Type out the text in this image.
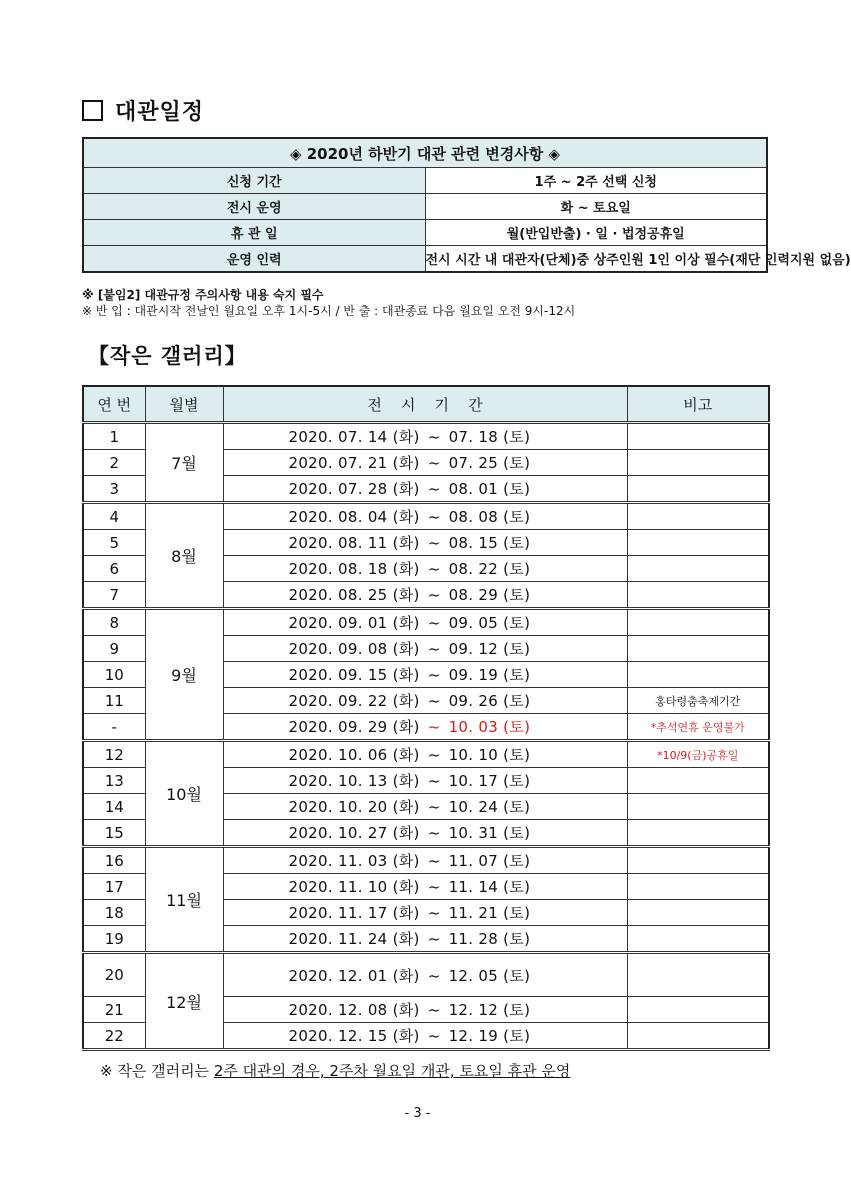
대관일정
◈ 2020년 하반기 대관 관련 변경사항 ◈	
신청 기간	1주 ~ 2주 선택 신청
전시 운영	화 ~ 토요일
휴 관 일	월(반입반출) · 일 · 법정공휴일
운영 인력	전시 시간 내 대관자(단체)중 상주인원 1인 이상 필수(재단 인력지원 없음)
※ [붙임2] 대관규정 주의사항 내용 숙지 필수
※ 반 입 : 대관시작 전날인 월요일 오후 1시-5시 / 반 출 : 대관종료 다음 월요일 오전 9시-12시
【작은 갤러리】
연 번	월별	전    시    기    간	비고
1	7월	2020. 07. 14 (화) ~ 07. 18 (토)	
2		2020. 07. 21 (화) ~ 07. 25 (토)	
3		2020. 07. 28 (화) ~ 08. 01 (토)	
4	8월	2020. 08. 04 (화) ~ 08. 08 (토)	
5		2020. 08. 11 (화) ~ 08. 15 (토)	
6		2020. 08. 18 (화) ~ 08. 22 (토)	
7		2020. 08. 25 (화) ~ 08. 29 (토)	
8	9월	2020. 09. 01 (화) ~ 09. 05 (토)	
9		2020. 09. 08 (화) ~ 09. 12 (토)	
10		2020. 09. 15 (화) ~ 09. 19 (토)	
11		2020. 09. 22 (화) ~ 09. 26 (토)	홍타령춤축제기간
-		2020. 09. 29 (화) ~ 10. 03 (토)	*추석연휴 운영불가
12	10월	2020. 10. 06 (화) ~ 10. 10 (토)	*10/9(금)공휴일
13		2020. 10. 13 (화) ~ 10. 17 (토)	
14		2020. 10. 20 (화) ~ 10. 24 (토)	
15		2020. 10. 27 (화) ~ 10. 31 (토)	
16	11월	2020. 11. 03 (화) ~ 11. 07 (토)	
17		2020. 11. 10 (화) ~ 11. 14 (토)	
18		2020. 11. 17 (화) ~ 11. 21 (토)	
19		2020. 11. 24 (화) ~ 11. 28 (토)	
20	12월	2020. 12. 01 (화) ~ 12. 05 (토)	
21		2020. 12. 08 (화) ~ 12. 12 (토)	
22		2020. 12. 15 (화) ~ 12. 19 (토)	
※ 작은 갤러리는 2주 대관의 경우, 2주차 월요일 개관, 토요일 휴관 운영
- 3 -
